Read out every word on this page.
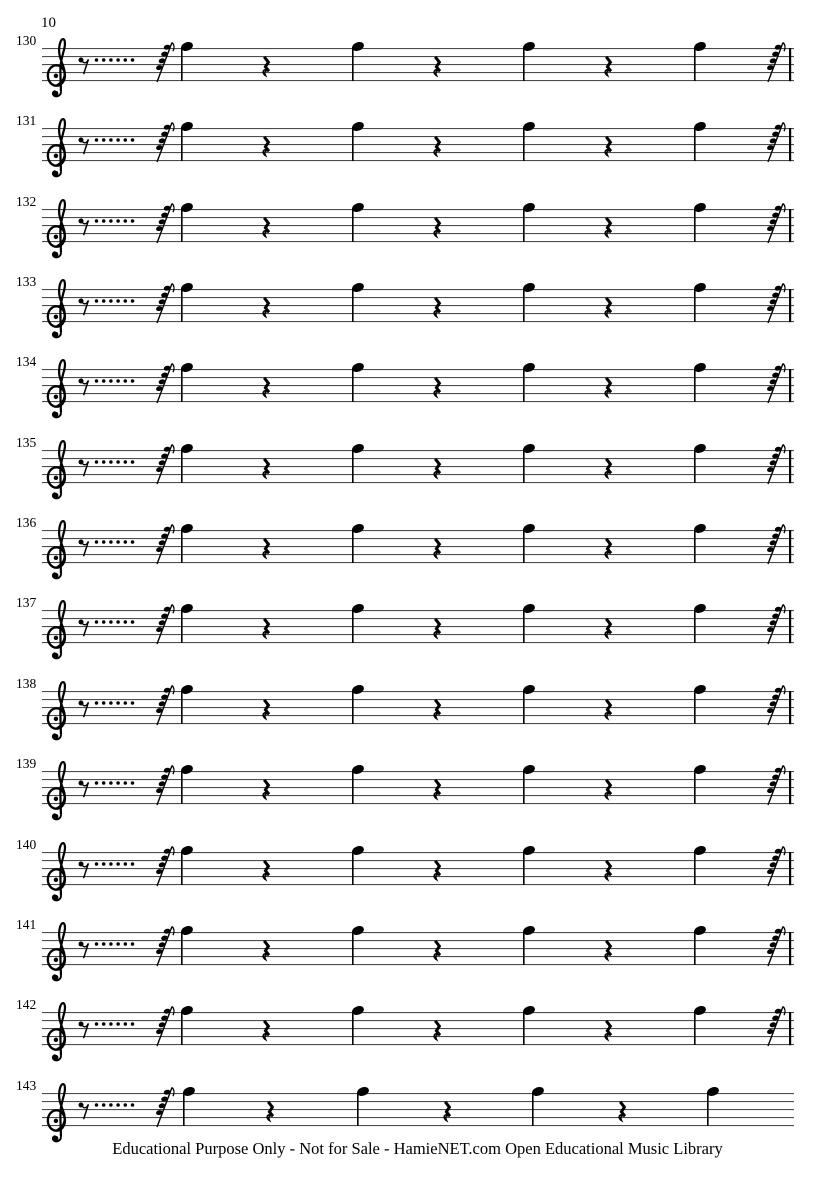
130
131
132
133
134
135
136
137
138
139
140
141
142
143
10
Educational Purpose Only - Not for Sale - HamieNET.com Open Educational Music Library
